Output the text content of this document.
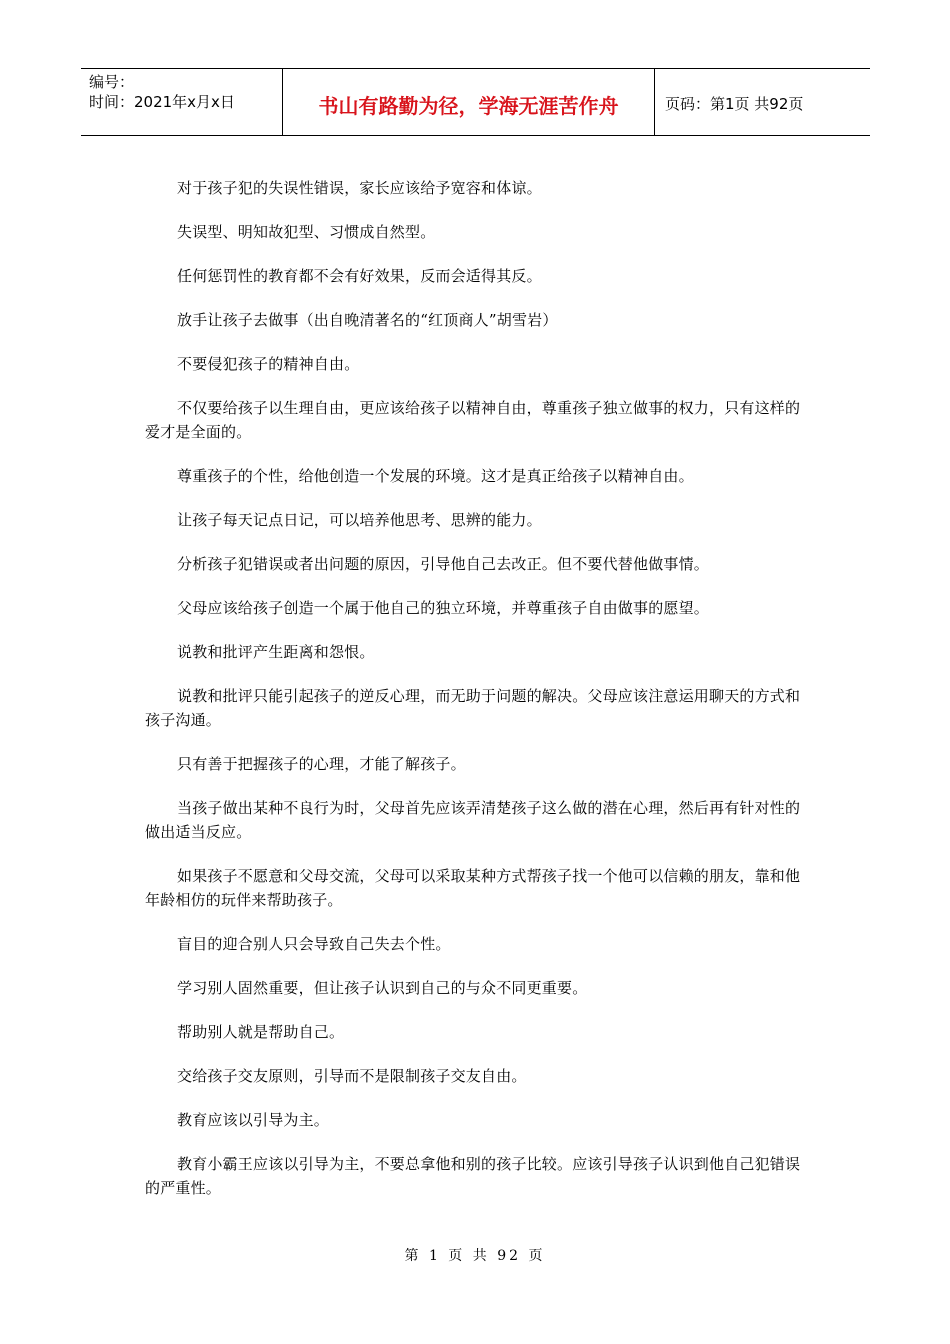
编号：
时间：2021年x月x日	书山有路勤为径，学海无涯苦作舟	页码：第1页 共92页

对于孩子犯的失误性错误，家长应该给予宽容和体谅。

失误型、明知故犯型、习惯成自然型。

任何惩罚性的教育都不会有好效果，反而会适得其反。

放手让孩子去做事（出自晚清著名的“红顶商人”胡雪岩）

不要侵犯孩子的精神自由。

不仅要给孩子以生理自由，更应该给孩子以精神自由，尊重孩子独立做事的权力，只有这样的爱才是全面的。

尊重孩子的个性，给他创造一个发展的环境。这才是真正给孩子以精神自由。

让孩子每天记点日记，可以培养他思考、思辨的能力。

分析孩子犯错误或者出问题的原因，引导他自己去改正。但不要代替他做事情。

父母应该给孩子创造一个属于他自己的独立环境，并尊重孩子自由做事的愿望。

说教和批评产生距离和怨恨。

说教和批评只能引起孩子的逆反心理，而无助于问题的解决。父母应该注意运用聊天的方式和孩子沟通。

只有善于把握孩子的心理，才能了解孩子。

当孩子做出某种不良行为时，父母首先应该弄清楚孩子这么做的潜在心理，然后再有针对性的做出适当反应。

如果孩子不愿意和父母交流，父母可以采取某种方式帮孩子找一个他可以信赖的朋友，靠和他年龄相仿的玩伴来帮助孩子。

盲目的迎合别人只会导致自己失去个性。

学习别人固然重要，但让孩子认识到自己的与众不同更重要。

帮助别人就是帮助自己。

交给孩子交友原则，引导而不是限制孩子交友自由。

教育应该以引导为主。

教育小霸王应该以引导为主，不要总拿他和别的孩子比较。应该引导孩子认识到他自己犯错误的严重性。

第 1 页 共 92 页
